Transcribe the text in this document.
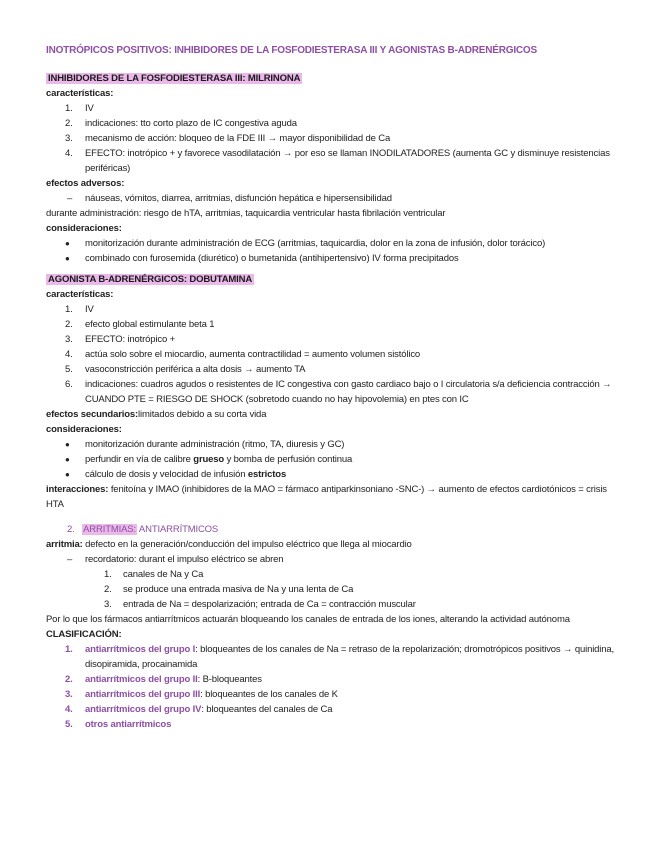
INOTRÓPICOS POSITIVOS: INHIBIDORES DE LA FOSFODIESTERASA III Y AGONISTAS B-ADRENÉRGICOS
INHIBIDORES DE LA FOSFODIESTERASA III: MILRINONA
características:
1.	IV
2.	indicaciones: tto corto plazo de IC congestiva aguda
3.	mecanismo de acción: bloqueo de la FDE III → mayor disponibilidad de Ca
4.	EFECTO: inotrópico + y favorece vasodilatación → por eso se llaman INODILATADORES (aumenta GC y disminuye resistencias periféricas)
efectos adversos:
– náuseas, vómitos, diarrea, arritmias, disfunción hepática e hipersensibilidad
durante administración: riesgo de hTA, arritmias, taquicardia ventricular hasta fibrilación ventricular
consideraciones:
● monitorización durante administración de ECG (arritmias, taquicardia, dolor en la zona de infusión, dolor torácico)
● combinado con furosemida (diurético) o bumetanida (antihipertensivo) IV forma precipitados
AGONISTA B-ADRENÉRGICOS: DOBUTAMINA
características:
1.	IV
2.	efecto global estimulante beta 1
3.	EFECTO: inotrópico +
4.	actúa solo sobre el miocardio, aumenta contractilidad = aumento volumen sistólico
5.	vasoconstricción periférica a alta dosis → aumento TA
6.	indicaciones: cuadros agudos o resistentes de IC congestiva con gasto cardiaco bajo o I circulatoria s/a deficiencia contracción → CUANDO PTE = RIESGO DE SHOCK (sobretodo cuando no hay hipovolemia) en ptes con IC
efectos secundarios:limitados debido a su corta vida
consideraciones:
● monitorización durante administración (ritmo, TA, diuresis y GC)
● perfundir en vía de calibre grueso y bomba de perfusión continua
● cálculo de dosis y velocidad de infusión estrictos
interacciones: fenitoína y IMAO (inhibidores de la MAO = fármaco antiparkinsoniano -SNC-) → aumento de efectos cardiotónicos = crisis HTA
2. ARRITMIAS: ANTIARRÍTMICOS
arritmia: defecto en la generación/conducción del impulso eléctrico que llega al miocardio
– recordatorio: durant el impulso eléctrico se abren
1. canales de Na y Ca
2. se produce una entrada masiva de Na y una lenta de Ca
3. entrada de Na = despolarización; entrada de Ca = contracción muscular
Por lo que los fármacos antiarrítmicos actuarán bloqueando los canales de entrada de los iones, alterando la actividad autónoma
CLASIFICACIÓN:
1.	antiarrítmicos del grupo I: bloqueantes de los canales de Na = retraso de la repolarización; dromotrópicos positivos → quinidina, disopiramida, procainamida
2.	antiarrítmicos del grupo II: B-bloqueantes
3.	antiarrítmicos del grupo III: bloqueantes de los canales de K
4.	antiarrítmicos del grupo IV: bloqueantes del canales de Ca
5.	otros antiarrítmicos
